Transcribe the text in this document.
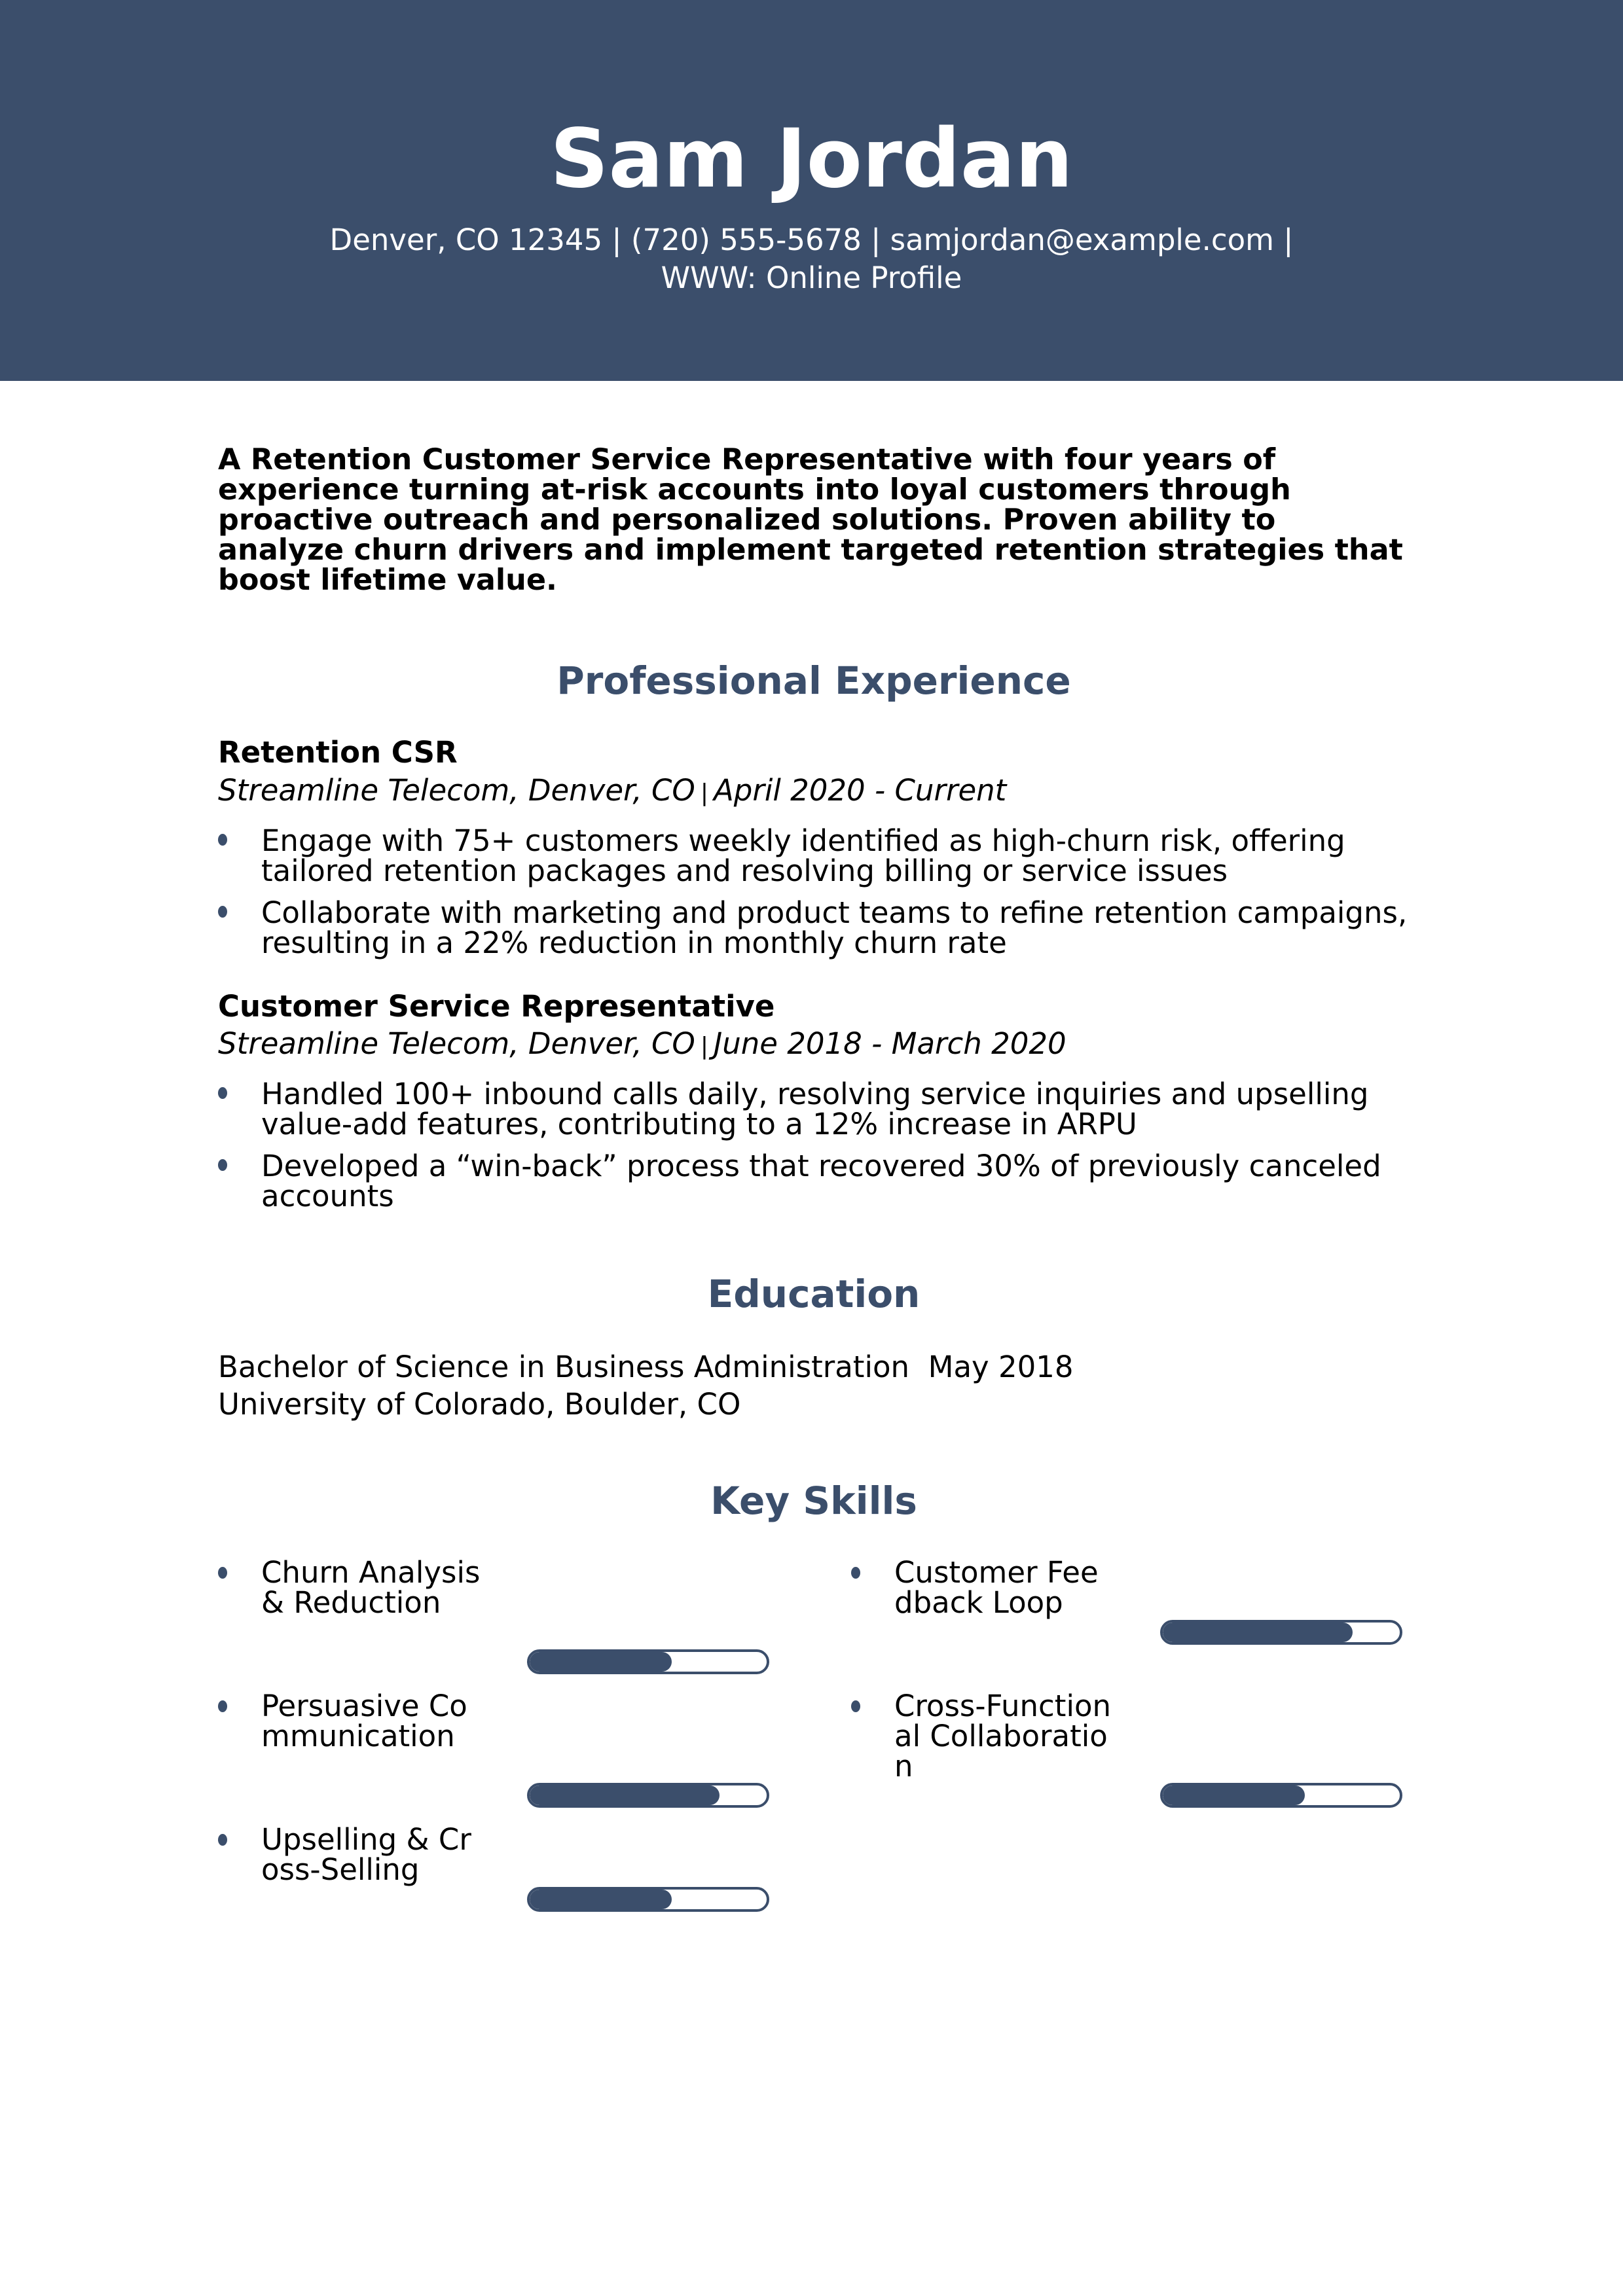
Sam Jordan
Denver, CO 12345 | (720) 555-5678 | samjordan@example.com |
WWW: Online Profile
A Retention Customer Service Representative with four years of experience turning at-risk accounts into loyal customers through proactive outreach and personalized solutions. Proven ability to analyze churn drivers and implement targeted retention strategies that boost lifetime value.
Professional Experience
Retention CSR
Streamline Telecom, Denver, CO | April 2020 - Current
Engage with 75+ customers weekly identified as high-churn risk, offering tailored retention packages and resolving billing or service issues
Collaborate with marketing and product teams to refine retention campaigns, resulting in a 22% reduction in monthly churn rate
Customer Service Representative
Streamline Telecom, Denver, CO | June 2018 - March 2020
Handled 100+ inbound calls daily, resolving service inquiries and upselling value-add features, contributing to a 12% increase in ARPU
Developed a “win-back” process that recovered 30% of previously canceled accounts
Education
Bachelor of Science in Business Administration May 2018
University of Colorado, Boulder, CO
Key Skills
Churn Analysis & Reduction
Customer Feedback Loop
Persuasive Communication
Cross-Functional Collaboration
Upselling & Cross-Selling
